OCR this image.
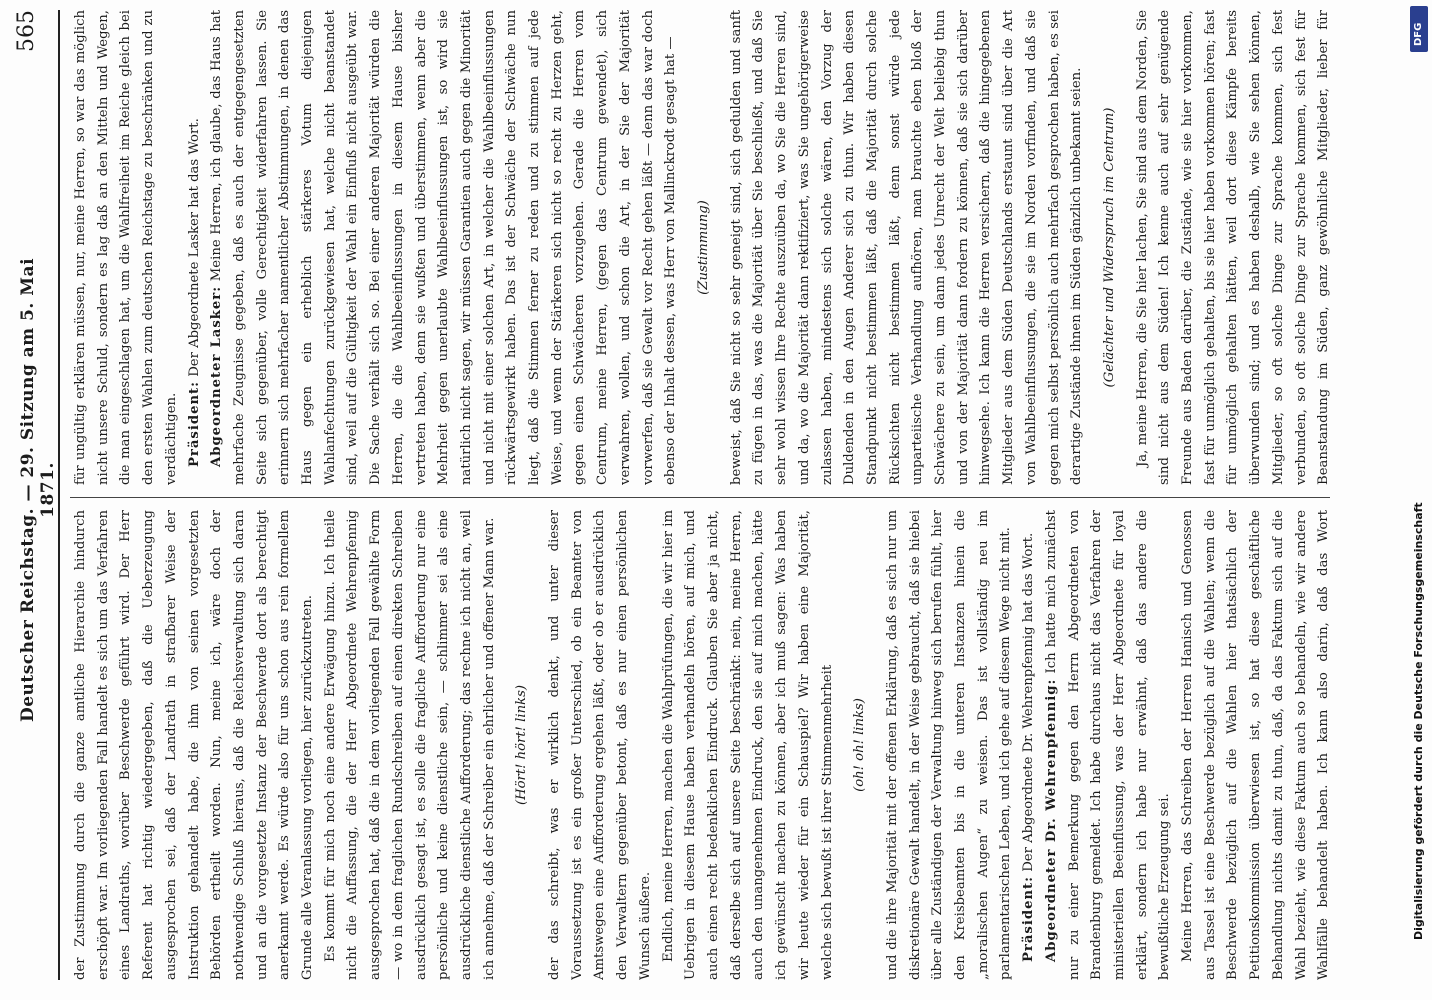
Deutscher Reichstag. — 29. Sitzung am 5. Mai 1871.
565

der Zustimmung durch die ganze amtliche Hierarchie hindurch erschöpft war. Im vorliegenden Fall handelt es sich um das Verfahren eines Landraths, worüber Beschwerde geführt wird. Der Herr Referent hat richtig wiedergegeben, daß die Ueberzeugung ausgesprochen sei, daß der Landrath in strafbarer Weise der Instruktion gehandelt habe, die ihm von seinen vorgesetzten Behörden ertheilt worden. Nun, meine ich, wäre doch der nothwendige Schluß hieraus, daß die Reichsverwaltung sich daran und an die vorgesetzte Instanz der Beschwerde dort als berechtigt anerkannt werde. Es würde also für uns schon aus rein formellem Grunde alle Veranlassung vorliegen, hier zurückzutreten. Es kommt für mich noch eine andere Erwägung hinzu. Ich theile nicht die Auffassung, die der Herr Abgeordnete Wehrenpfennig ausgesprochen hat, daß die in dem vorliegenden Fall gewählte Form — wo in dem fraglichen Rundschreiben auf einen direkten Schreiben ausdrücklich gesagt ist, es solle die fragliche Aufforderung nur eine persönliche und keine dienstliche sein, — schlimmer sei als eine ausdrückliche dienstliche Aufforderung; das rechne ich nicht an, weil ich annehme, daß der Schreiber ein ehrlicher und offener Mann war.	(Hört! hört! links)	der das schreibt, was er wirklich denkt, und unter dieser Voraussetzung ist es ein großer Unterschied, ob ein Beamter von Amtswegen eine Aufforderung ergehen läßt, oder ob er ausdrücklich den Verwaltern gegenüber betont, daß es nur einen persönlichen Wunsch äußere. Endlich, meine Herren, machen die Wahlprüfungen, die wir hier im Uebrigen in diesem Hause haben verhandeln hören, auf mich, und auch einen recht bedenklichen Eindruck. Glauben Sie aber ja nicht, daß derselbe sich auf unsere Seite beschränkt: nein, meine Herren, auch den unangenehmen Eindruck, den sie auf mich machen, hätte ich gewünscht machen zu können, aber ich muß sagen: Was haben wir heute wieder für ein Schauspiel? Wir haben eine Majorität, welche sich bewußt ist ihrer Stimmenmehrheit	(oh! oh! links)	und die ihre Majorität mit der offenen Erklärung, daß es sich nur um diskretionäre Gewalt handelt, in der Weise gebraucht, daß sie hiebei über alle Zuständigen der Verwaltung hinweg sich berufen fühlt, hier den Kreisbeamten bis in die unteren Instanzen hinein die „moralischen Augen“ zu weisen. Das ist vollständig neu im parlamentarischen Leben, und ich gehe auf diesem Wege nicht mit. Präsident: Der Abgeordnete Dr. Wehrenpfennig hat das Wort. Abgeordneter Dr. Wehrenpfennig: Ich hatte mich zunächst nur zu einer Bemerkung gegen den Herrn Abgeordneten von Brandenburg gemeldet. Ich habe durchaus nicht das Verfahren der ministeriellen Beeinflussung, was der Herr Abgeordnete für loyal erklärt, sondern ich habe nur erwähnt, daß das andere die bewußtliche Erzeugung sei. Meine Herren, das Schreiben der Herren Hanisch und Genossen aus Tassel ist eine Beschwerde bezüglich auf die Wahlen; wenn die Beschwerde bezüglich auf die Wahlen hier thatsächlich der Petitionskommission überwiesen ist, so hat diese geschäftliche Behandlung nichts damit zu thun, daß, da das Faktum sich auf die Wahl bezieht, wie diese Faktum auch so behandeln, wie wir andere Wahlfälle behandelt haben. Ich kann also darin, daß das Wort

für ungültig erklären müssen, nur, meine Herren, so war das möglich nicht unsere Schuld, sondern es lag daß an den Mitteln und Wegen, die man eingeschlagen hat, um die Wahlfreiheit im Reiche gleich bei den ersten Wahlen zum deutschen Reichstage zu beschränken und zu verdächtigen. Präsident: Der Abgeordnete Lasker hat das Wort. Abgeordneter Lasker: Meine Herren, ich glaube, das Haus hat mehrfache Zeugnisse gegeben, daß es auch der entgegengesetzten Seite sich gegenüber, volle Gerechtigkeit widerfahren lassen. Sie erinnern sich mehrfacher namentlicher Abstimmungen, in denen das Haus gegen ein erheblich stärkeres Votum diejenigen Wahlanfechtungen zurückgewiesen hat, welche nicht beanstandet sind, weil auf die Gültigkeit der Wahl ein Einfluß nicht ausgeübt war. Die Sache verhält sich so. Bei einer anderen Majorität würden die Herren, die die Wahlbeeinflussungen in diesem Hause bisher vertreten haben, denn sie wußten und überstimmen, wenn aber die Mehrheit gegen unerlaubte Wahlbeeinflussungen ist, so wird sie natürlich nicht sagen, wir müssen Garantien auch gegen die Minorität und nicht mit einer solchen Art, in welcher die Wahlbeeinflussungen rückwärtsgewirkt haben. Das ist der Schwäche der Schwäche nun liegt, daß die Stimmen ferner zu reden und zu stimmen auf jede Weise, und wenn der Stärkeren sich nicht so recht zu Herzen geht, gegen einen Schwächeren vorzugehen. Gerade die Herren vom Centrum, meine Herren, (gegen das Centrum gewendet), sich verwahren, wollen, und schon die Art, in der Sie der Majorität vorwerfen, daß sie Gewalt vor Recht gehen läßt — denn das war doch ebenso der Inhalt dessen, was Herr von Mallinckrodt gesagt hat —	(Zustimmung)	beweist, daß Sie nicht so sehr geneigt sind, sich gedulden und sanft zu fügen in das, was die Majorität über Sie beschließt, und daß Sie sehr wohl wissen Ihre Rechte auszuüben da, wo Sie die Herren sind, und da, wo die Majorität dann rektifiziert, was Sie ungehörigerweise zulassen haben, mindestens sich solche wären, den Vorzug der Duldenden in den Augen Anderer sich zu thun. Wir haben diesen Standpunkt nicht bestimmen läßt, daß die Majorität durch solche Rücksichten nicht bestimmen läßt, denn sonst würde jede unparteiische Verhandlung aufhören, man brauchte eben bloß der Schwächere zu sein, um dann jedes Unrecht der Welt beliebig thun und von der Majorität dann fordern zu können, daß sie sich darüber hinwegsehe. Ich kann die Herren versichern, daß die hingegebenen Mitglieder aus dem Süden Deutschlands erstaunt sind über die Art von Wahlbeeinflussungen, die sie im Norden vorfinden, und daß sie gegen mich selbst persönlich auch mehrfach gesprochen haben, es sei derartige Zustände ihnen im Süden gänzlich unbekannt seien.	(Gelächter und Widerspruch im Centrum)

Ja, meine Herren, die Sie hier lachen, Sie sind aus dem Norden, Sie sind nicht aus dem Süden! Ich kenne auch auf sehr genügende Freunde aus Baden darüber, die Zustände, wie sie hier vorkommen, fast für unmöglich gehalten, bis sie hier haben vorkommen hören; fast für unmöglich gehalten hätten, weil dort diese Kämpfe bereits überwunden sind; und es haben deshalb, wie Sie sehen können, Mitglieder, so oft solche Dinge zur Sprache kommen, sich fest verbunden, so oft solche Dinge zur Sprache kommen, sich fest für Beanstandung im Süden, ganz gewöhnliche Mitglieder, lieber für

DFG
Digitalisierung gefördert durch die Deutsche Forschungsgemeinschaft
